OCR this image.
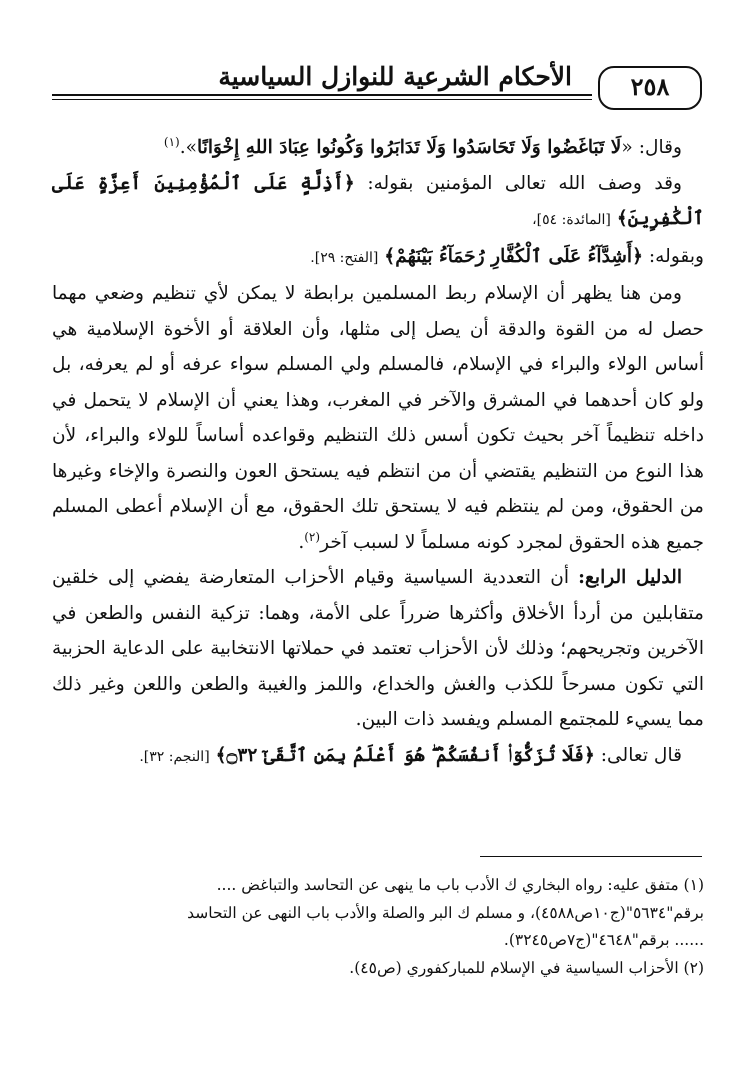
٢٥٨
الأحكام الشرعية للنوازل السياسية

وقال: «لَا تَبَاغَضُوا وَلَا تَحَاسَدُوا وَلَا تَدَابَرُوا وَكُونُوا عِبَادَ اللهِ إِخْوَانًا».$^{(١)}$

وقد وصف الله تعالى المؤمنين بقوله: ﴿أَذِلَّةٍ عَلَى ٱلْمُؤْمِنِينَ أَعِزَّةٍ عَلَى ٱلْكَٰفِرِينَ﴾ [المائدة: ٥٤]،

وبقوله: ﴿أَشِدَّآءُ عَلَى ٱلْكُفَّارِ رُحَمَآءُ بَيْنَهُمْ﴾ [الفتح: ٢٩].

ومن هنا يظهر أن الإسلام ربط المسلمين برابطة لا يمكن لأي تنظيم وضعي مهما حصل له من القوة والدقة أن يصل إلى مثلها، وأن العلاقة أو الأخوة الإسلامية هي أساس الولاء والبراء في الإسلام، فالمسلم ولي المسلم سواء عرفه أو لم يعرفه، بل ولو كان أحدهما في المشرق والآخر في المغرب، وهذا يعني أن الإسلام لا يتحمل في داخله تنظيماً آخر بحيث تكون أسس ذلك التنظيم وقواعده أساساً للولاء والبراء، لأن هذا النوع من التنظيم يقتضي أن من انتظم فيه يستحق العون والنصرة والإخاء وغيرها من الحقوق، ومن لم ينتظم فيه لا يستحق تلك الحقوق، مع أن الإسلام أعطى المسلم جميع هذه الحقوق لمجرد كونه مسلماً لا لسبب آخر$^{(٢)}$.

الدليل الرابع: أن التعددية السياسية وقيام الأحزاب المتعارضة يفضي إلى خلقين متقابلين من أردأ الأخلاق وأكثرها ضرراً على الأمة، وهما: تزكية النفس والطعن في الآخرين وتجريحهم؛ وذلك لأن الأحزاب تعتمد في حملاتها الانتخابية على الدعاية الحزبية التي تكون مسرحاً للكذب والغش والخداع، واللمز والغيبة والطعن واللعن وغير ذلك مما يسيء للمجتمع المسلم ويفسد ذات البين.

قال تعالى: ﴿فَلَا تُزَكُّوٓا۟ أَنفُسَكُمْ ۖ هُوَ أَعْلَمُ بِمَنِ ٱتَّقَىٰٓ ۝٣٢﴾ [النجم: ٣٢].

(١) متفق عليه: رواه البخاري ك الأدب باب ما ينهى عن التحاسد والتباغض ....

برقم"٥٦٣٤"(ج١٠ص٤٥٨٨)، و مسلم ك البر والصلة والأدب باب النهى عن التحاسد

...... برقم"٤٦٤٨"(ج٧ص٣٢٤٥).

(٢) الأحزاب السياسية في الإسلام للمباركفوري (ص٤٥).
